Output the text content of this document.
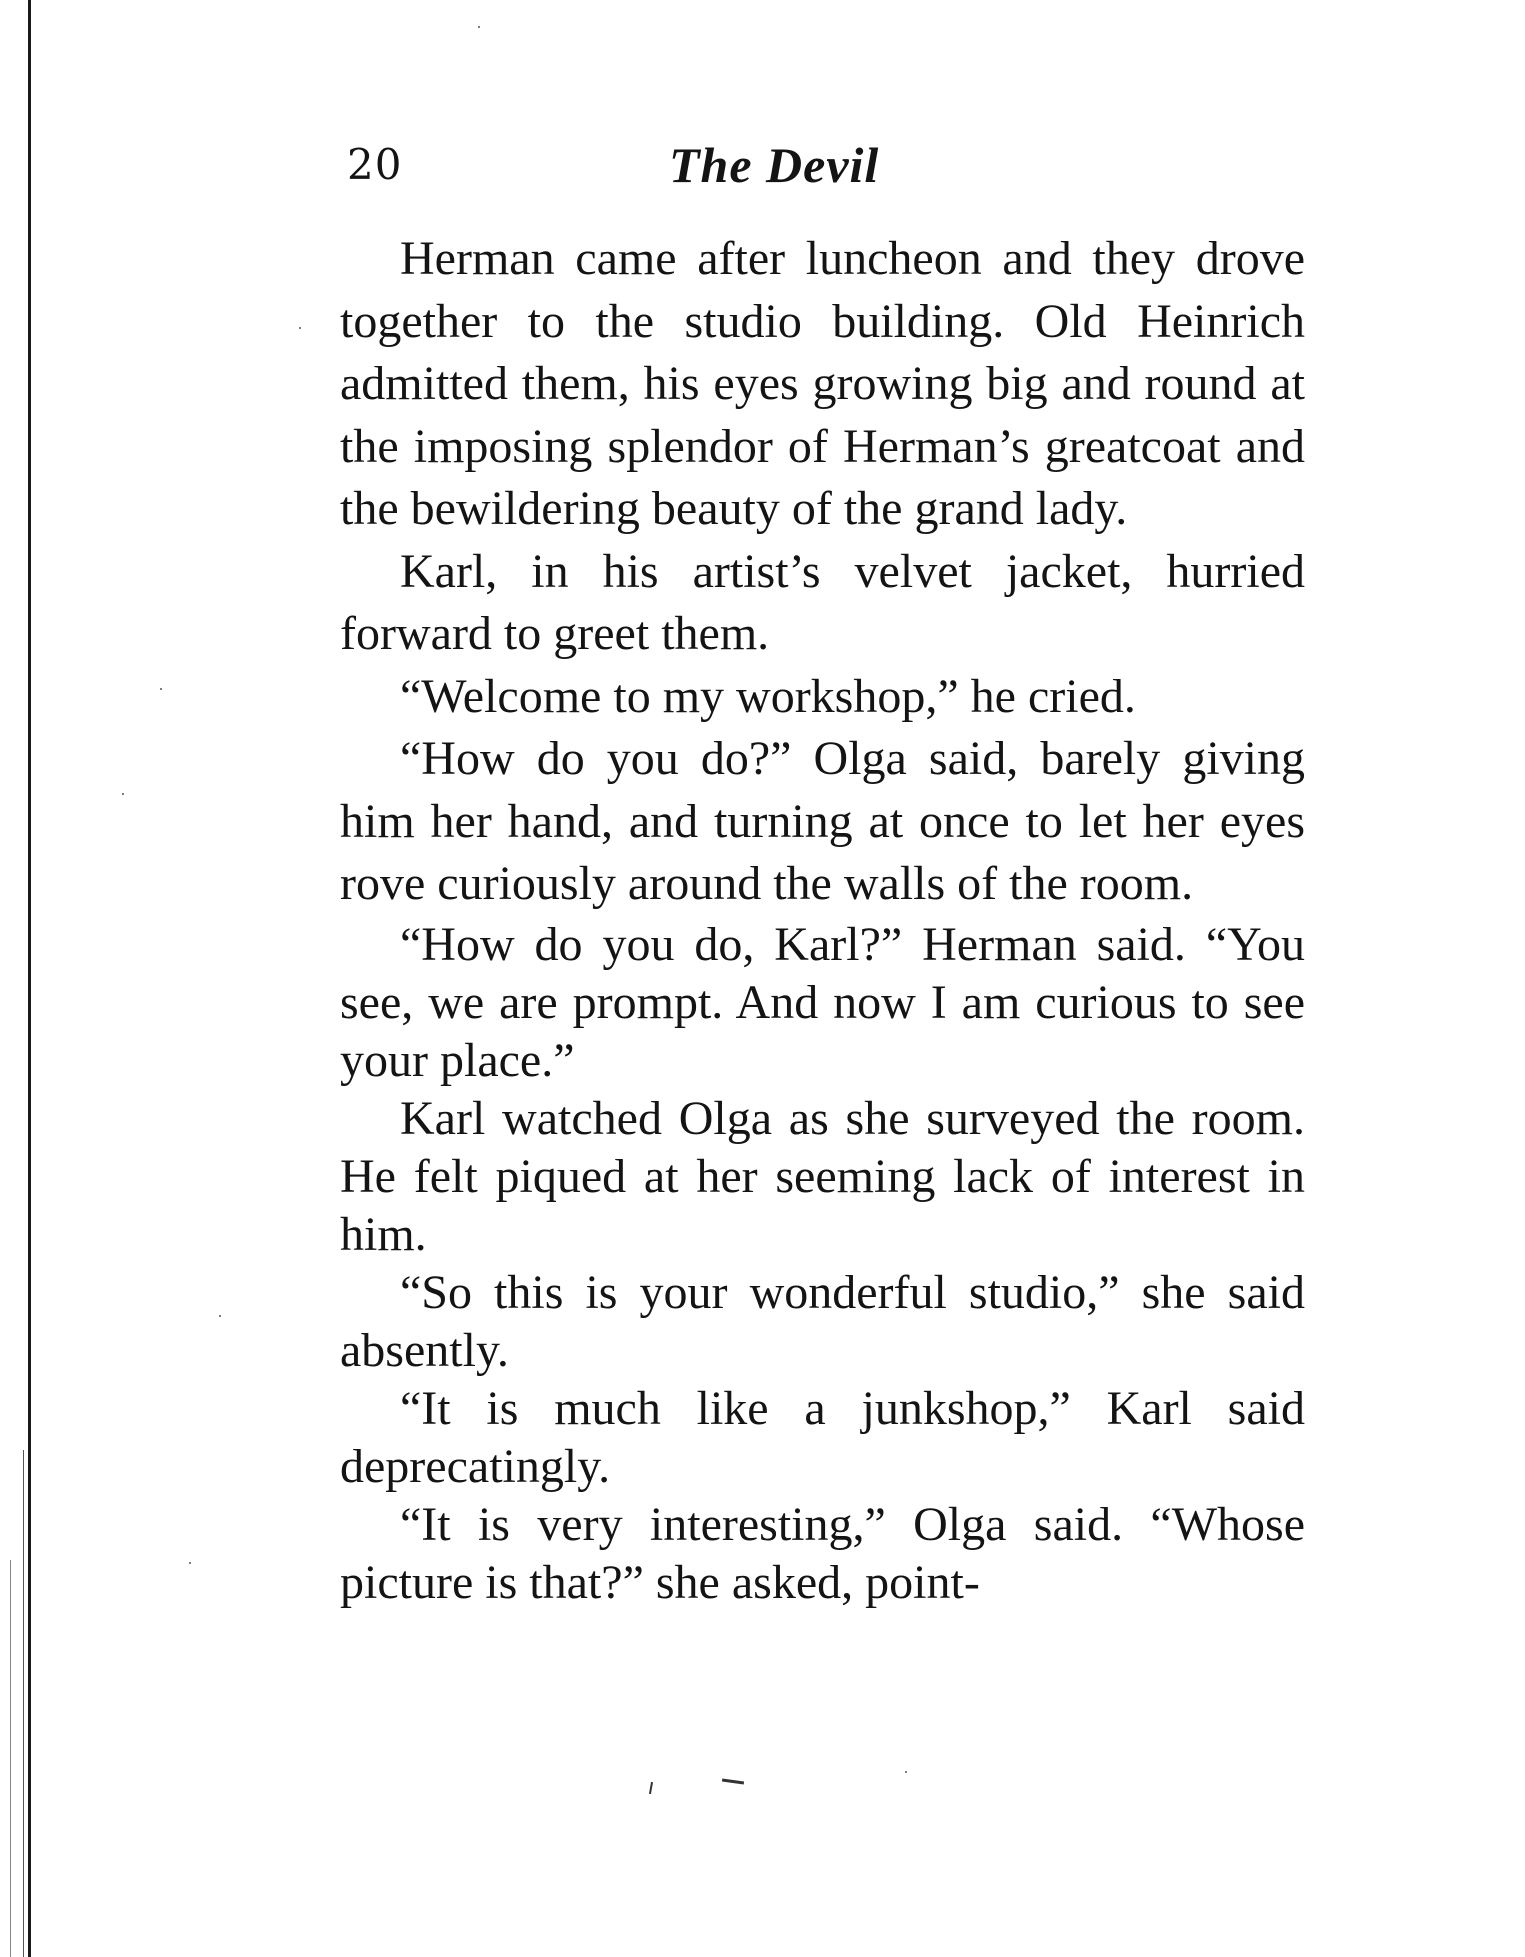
20	The Devil

Herman came after luncheon and they drove together to the studio building. Old Heinrich admitted them, his eyes growing big and round at the imposing splendor of Herman’s greatcoat and the bewildering beauty of the grand lady.

Karl, in his artist’s velvet jacket, hurried forward to greet them.

“Welcome to my workshop,” he cried.

“How do you do?” Olga said, barely giving him her hand, and turning at once to let her eyes rove curiously around the walls of the room.

“How do you do, Karl?” Herman said. “You see, we are prompt. And now I am curious to see your place.”

Karl watched Olga as she surveyed the room. He felt piqued at her seeming lack of interest in him.

“So this is your wonderful studio,” she said absently.

“It is much like a junkshop,” Karl said deprecatingly.

“It is very interesting,” Olga said. “Whose picture is that?” she asked, point-
